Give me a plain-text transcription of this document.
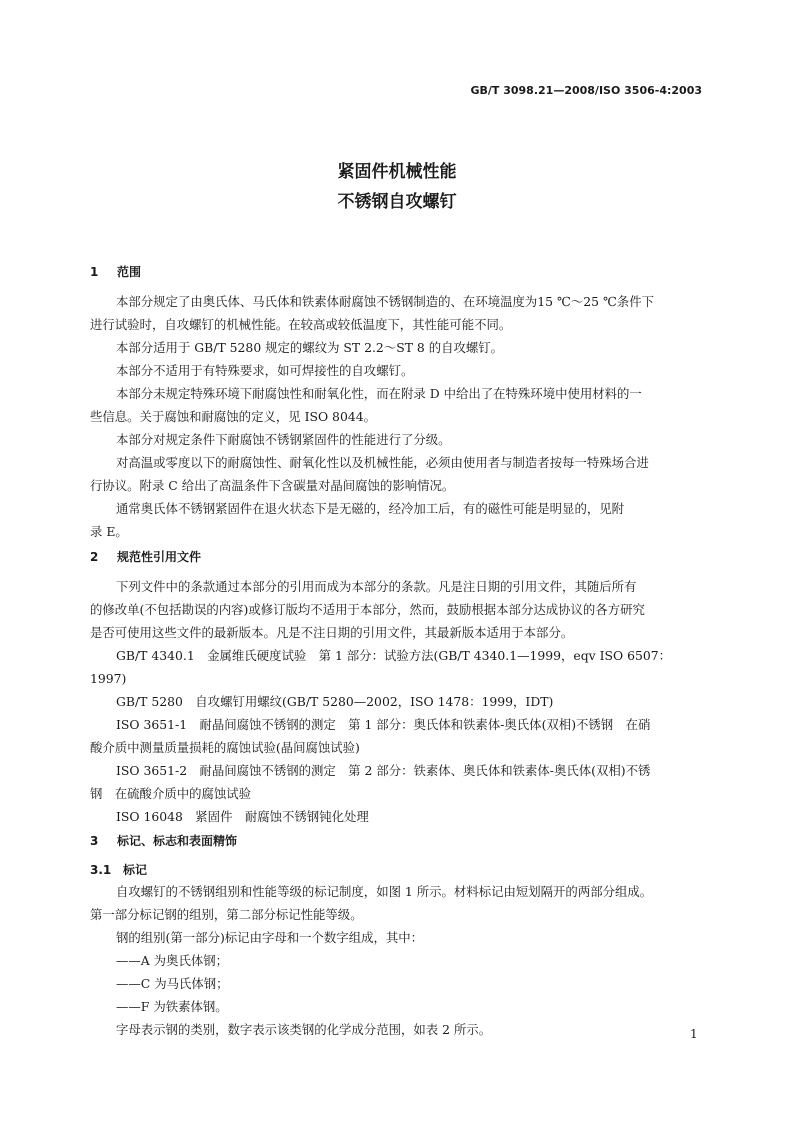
GB/T 3098.21—2008/ISO 3506-4:2003
紧固件机械性能
不锈钢自攻螺钉
1 范围
本部分规定了由奥氏体、马氏体和铁素体耐腐蚀不锈钢制造的、在环境温度为15 ℃～25 ℃条件下
进行试验时，自攻螺钉的机械性能。在较高或较低温度下，其性能可能不同。
本部分适用于 GB/T 5280 规定的螺纹为 ST 2.2～ST 8 的自攻螺钉。
本部分不适用于有特殊要求，如可焊接性的自攻螺钉。
本部分未规定特殊环境下耐腐蚀性和耐氧化性，而在附录 D 中给出了在特殊环境中使用材料的一
些信息。关于腐蚀和耐腐蚀的定义，见 ISO 8044。
本部分对规定条件下耐腐蚀不锈钢紧固件的性能进行了分级。
对高温或零度以下的耐腐蚀性、耐氧化性以及机械性能，必须由使用者与制造者按每一特殊场合进
行协议。附录 C 给出了高温条件下含碳量对晶间腐蚀的影响情况。
通常奥氏体不锈钢紧固件在退火状态下是无磁的，经冷加工后，有的磁性可能是明显的，见附
录 E。
2 规范性引用文件
下列文件中的条款通过本部分的引用而成为本部分的条款。凡是注日期的引用文件，其随后所有
的修改单(不包括勘误的内容)或修订版均不适用于本部分，然而，鼓励根据本部分达成协议的各方研究
是否可使用这些文件的最新版本。凡是不注日期的引用文件，其最新版本适用于本部分。
GB/T 4340.1　金属维氏硬度试验　第 1 部分：试验方法(GB/T 4340.1—1999，eqv ISO 6507：
1997)
GB/T 5280　自攻螺钉用螺纹(GB/T 5280—2002，ISO 1478：1999，IDT)
ISO 3651-1　耐晶间腐蚀不锈钢的测定　第 1 部分：奥氏体和铁素体-奥氏体(双相)不锈钢　在硝
酸介质中测量质量损耗的腐蚀试验(晶间腐蚀试验)
ISO 3651-2　耐晶间腐蚀不锈钢的测定　第 2 部分：铁素体、奥氏体和铁素体-奥氏体(双相)不锈
钢　在硫酸介质中的腐蚀试验
ISO 16048　紧固件　耐腐蚀不锈钢钝化处理
3 标记、标志和表面精饰
3.1 标记
自攻螺钉的不锈钢组别和性能等级的标记制度，如图 1 所示。材料标记由短划隔开的两部分组成。
第一部分标记钢的组别，第二部分标记性能等级。
钢的组别(第一部分)标记由字母和一个数字组成，其中：
——A 为奥氏体钢；
——C 为马氏体钢；
——F 为铁素体钢。
字母表示钢的类别，数字表示该类钢的化学成分范围，如表 2 所示。	1
